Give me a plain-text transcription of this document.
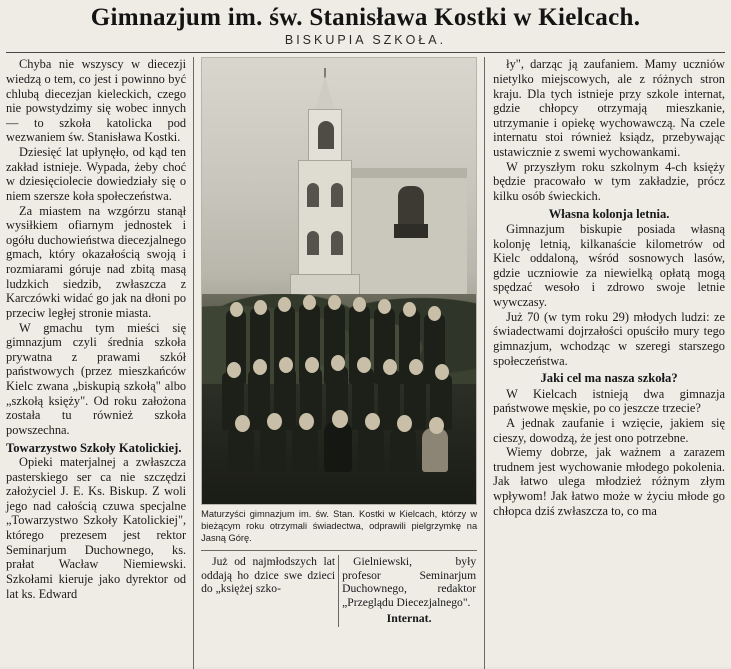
Gimnazjum im. św. Stanisława Kostki w Kielcach.
BISKUPIA SZKOŁA.

Chyba nie wszyscy w diecezji wiedzą o tem, co jest i powinno być chlubą diecezjan kieleckich, czego nie powstydzimy się wobec innych — to szkoła katolicka pod wezwaniem św. Stanisława Kostki.

Dziesięć lat upłynęło, od kąd ten zakład istnieje. Wypada, żeby choć w dziesięciolecie dowiedziały się o niem szersze koła społeczeństwa.

Za miastem na wzgórzu stanął wysiłkiem ofiarnym jednostek i ogółu duchowieństwa diecezjalnego gmach, który okazałością swoją i rozmiarami góruje nad zbitą masą ludzkich siedzib, zwłaszcza z Karczówki widać go jak na dłoni po przeciw ległej stronie miasta.

W gmachu tym mieści się gimnazjum czyli średnia szkoła prywatna z prawami szkół państwowych (przez mieszkańców Kielc zwana „biskupią szkołą" albo „szkołą księży". Od roku założona została tu również szkoła powszechna.

Towarzystwo Szkoły Katolickiej.

Opieki materjalnej a zwłaszcza pasterskiego ser ca nie szczędzi założyciel J. E. Ks. Biskup. Z woli jego nad całością czuwa specjalne „Towarzystwo Szkoły Katolickiej", którego prezesem jest rektor Seminarjum Duchownego, ks. prałat Wacław Niemiewski. Szkołami kieruje jako dyrektor od lat ks. Edward

Maturzyści gimnazjum im. św. Stan. Kostki w Kielcach, którzy w bieżącym roku otrzymali świadectwa, odprawili pielgrzymkę na Jasną Górę.

Już od najmłodszych lat oddają ho dzice swe dzieci do „księżej szko-

Gielniewski, były profesor Seminarjum Duchownego, redaktor „Przeglądu Diecezjalnego".

Internat.

ły", darząc ją zaufaniem. Mamy uczniów nietylko miejscowych, ale z różnych stron kraju. Dla tych istnieje przy szkole internat, gdzie chłopcy otrzymają mieszkanie, utrzymanie i opiekę wychowawczą. Na czele internatu stoi również ksiądz, przebywając ustawicznie z swemi wychowankami.

W przyszłym roku szkolnym 4-ch księży będzie pracowało w tym zakładzie, prócz kilku osób świeckich.

Własna kolonja letnia.

Gimnazjum biskupie posiada własną kolonję letnią, kilkanaście kilometrów od Kielc oddaloną, wśród sosnowych lasów, gdzie uczniowie za niewielką opłatą mogą spędzać wesoło i zdrowo swoje letnie wywczasy.

Już 70 (w tym roku 29) młodych ludzi: ze świadectwami dojrzałości opuściło mury tego gimnazjum, wchodząc w szeregi starszego społeczeństwa.

Jaki cel ma nasza szkoła?

W Kielcach istnieją dwa gimnazja państwowe męskie, po co jeszcze trzecie?

A jednak zaufanie i wzięcie, jakiem się cieszy, dowodzą, że jest ono potrzebne.

Wiemy dobrze, jak ważnem a zarazem trudnem jest wychowanie młodego pokolenia. Jak łatwo ulega młodzież różnym złym wpływom! Jak łatwo może w życiu młode go chłopca dziś zwłaszcza to, co ma
